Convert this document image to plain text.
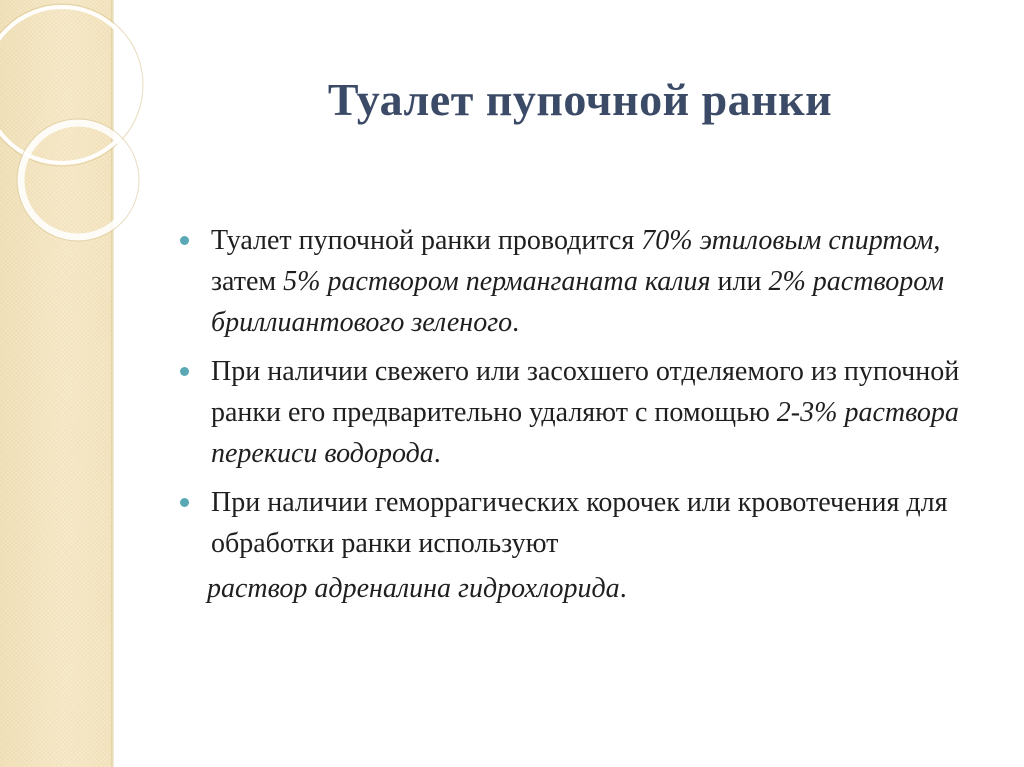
Туалет пупочной ранки
Туалет пупочной ранки проводится 70% этиловым спиртом, затем 5% раствором перманганата калия или 2% раствором бриллиантового зеленого.
При наличии свежего или засохшего отделяемого из пупочной ранки его предварительно удаляют с помощью 2-3% раствора перекиси водорода.
При наличии геморрагических корочек или кровотечения для обработки ранки используют
раствор адреналина гидрохлорида.
